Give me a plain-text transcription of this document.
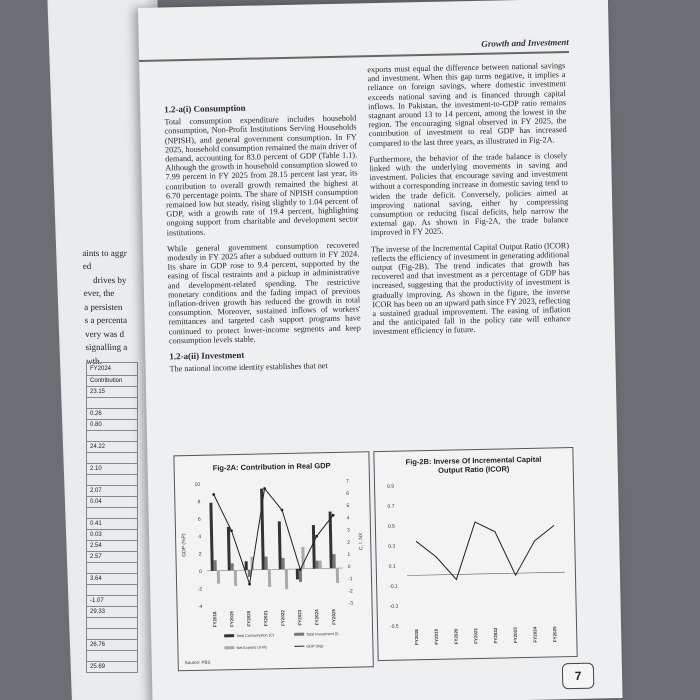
aints to aggr
ed
drives by
ever, the
a persisten
s a percenta
very was d
signalling a
wth.
FY2024
Contribution
23.15
0.26
0.80
24.22
2.10
2.07
0.04
0.41
0.03
2.54
2.57
3.64
-1.07
29.33
26.76
25.69
Growth and Investment
1.2-a(i) Consumption

Total consumption expenditure includes household consumption, Non-Profit Institutions Serving Households (NPISH), and general government consumption. In FY 2025, household consumption remained the main driver of demand, accounting for 83.0 percent of GDP (Table 1.1). Although the growth in household consumption slowed to 7.99 percent in FY 2025 from 28.15 percent last year, its contribution to overall growth remained the highest at 6.70 percentage points. The share of NPISH consumption remained low but steady, rising slightly to 1.04 percent of GDP, with a growth rate of 19.4 percent, highlighting ongoing support from charitable and development sector institutions.

While general government consumption recovered modestly in FY 2025 after a subdued outturn in FY 2024. Its share in GDP rose to 9.4 percent, supported by the easing of fiscal restraints and a pickup in administrative and development-related spending. The restrictive monetary conditions and the fading impact of previous inflation-driven growth has reduced the growth in total consumption. Moreover, sustained inflows of workers' remittances and targeted cash support programs have continued to protect lower-income segments and keep consumption levels stable.

1.2-a(ii) Investment

The national income identity establishes that net

exports must equal the difference between national savings and investment. When this gap turns negative, it implies a reliance on foreign savings, where domestic investment exceeds national saving and is financed through capital inflows. In Pakistan, the investment-to-GDP ratio remains stagnant around 13 to 14 percent, among the lowest in the region. The encouraging signal observed in FY 2025, the contribution of investment to real GDP has increased compared to the last three years, as illustrated in Fig-2A.

Furthermore, the behavior of the trade balance is closely linked with the underlying movements in saving and investment. Policies that encourage saving and investment without a corresponding increase in domestic saving tend to widen the trade deficit. Conversely, policies aimed at improving national saving, either by compressing consumption or reducing fiscal deficits, help narrow the external gap. As shown in Fig-2A, the trade balance improved in FY 2025.

The inverse of the Incremental Capital Output Ratio (ICOR) reflects the efficiency of investment in generating additional output (Fig-2B). The trend indicates that growth has recovered and that investment as a percentage of GDP has increased, suggesting that the productivity of investment is gradually improving. As shown in the figure, the inverse ICOR has been on an upward path since FY 2023, reflecting a sustained gradual improvement. The easing of inflation and the anticipated fall in the policy rate will enhance investment efficiency in future.

Fig-2A: Contribution in Real GDP
-4
-2
0
2
4
6
8
10
-3
-2
-1
0
1
2
3
4
5
6
7
GDP (%P)	C, I, NX
FY2018	FY2019	FY2020	FY2021	FY2022	FY2023	FY2024	FY2025
Total Consumption (C)	Total Investment (I)
Net Exports (X-M)	GDP (mp)
Source: PBS
Fig-2B: Inverse Of Incremental Capital Output Ratio (ICOR)
0.9
0.7
0.5
0.3
0.1
-0.1
-0.3
-0.5
FY2018	FY2019	FY2020	FY2021	FY2022	FY2023	FY2024	FY2025
7
